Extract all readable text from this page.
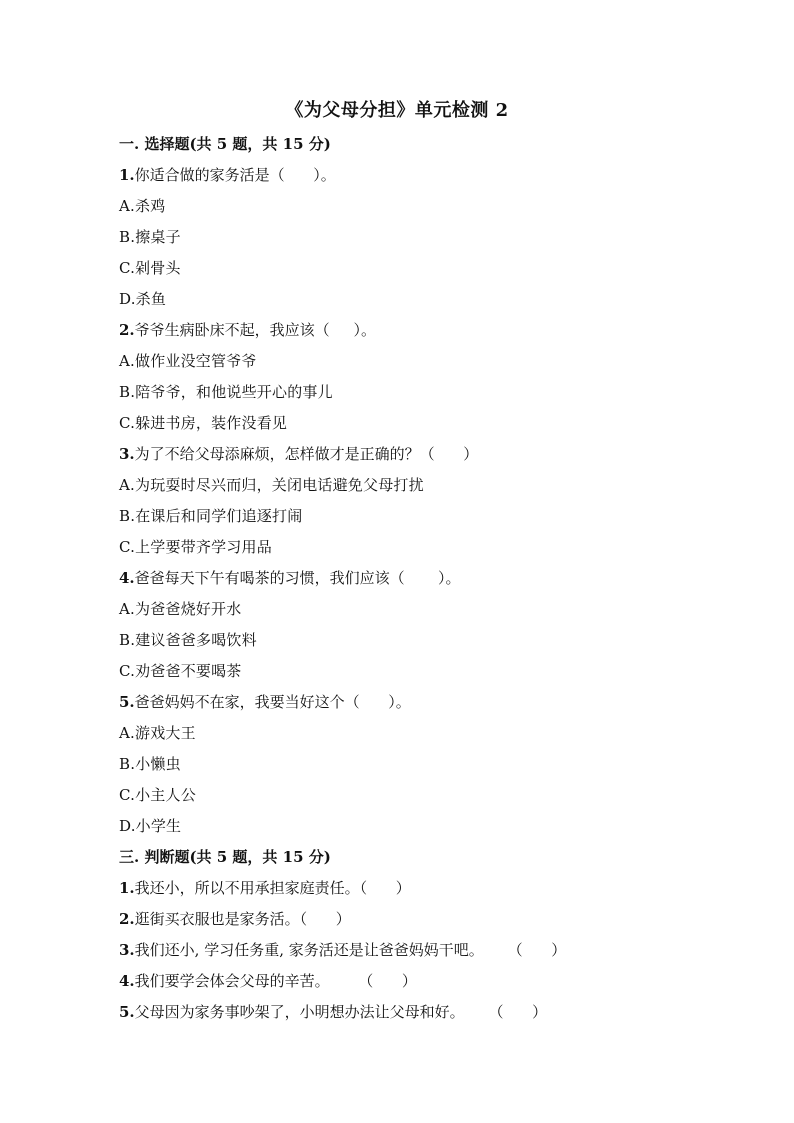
《为父母分担》单元检测 2
一. 选择题(共 5 题，共 15 分)
1.你适合做的家务活是（      ）。
A.杀鸡
B.擦桌子
C.剁骨头
D.杀鱼
2.爷爷生病卧床不起，我应该（     ）。
A.做作业没空管爷爷
B.陪爷爷，和他说些开心的事儿
C.躲进书房，装作没看见
3.为了不给父母添麻烦，怎样做才是正确的？（      ）
A.为玩耍时尽兴而归，关闭电话避免父母打扰
B.在课后和同学们追逐打闹
C.上学要带齐学习用品
4.爸爸每天下午有喝茶的习惯，我们应该（       ）。
A.为爸爸烧好开水
B.建议爸爸多喝饮料
C.劝爸爸不要喝茶
5.爸爸妈妈不在家，我要当好这个（      ）。
A.游戏大王
B.小懒虫
C.小主人公
D.小学生
三. 判断题(共 5 题，共 15 分)
1.我还小，所以不用承担家庭责任。（      ）
2.逛街买衣服也是家务活。（      ）
3.我们还小, 学习任务重, 家务活还是让爸爸妈妈干吧。     （      ）
4.我们要学会体会父母的辛苦。      （      ）
5.父母因为家务事吵架了，小明想办法让父母和好。     （      ）
